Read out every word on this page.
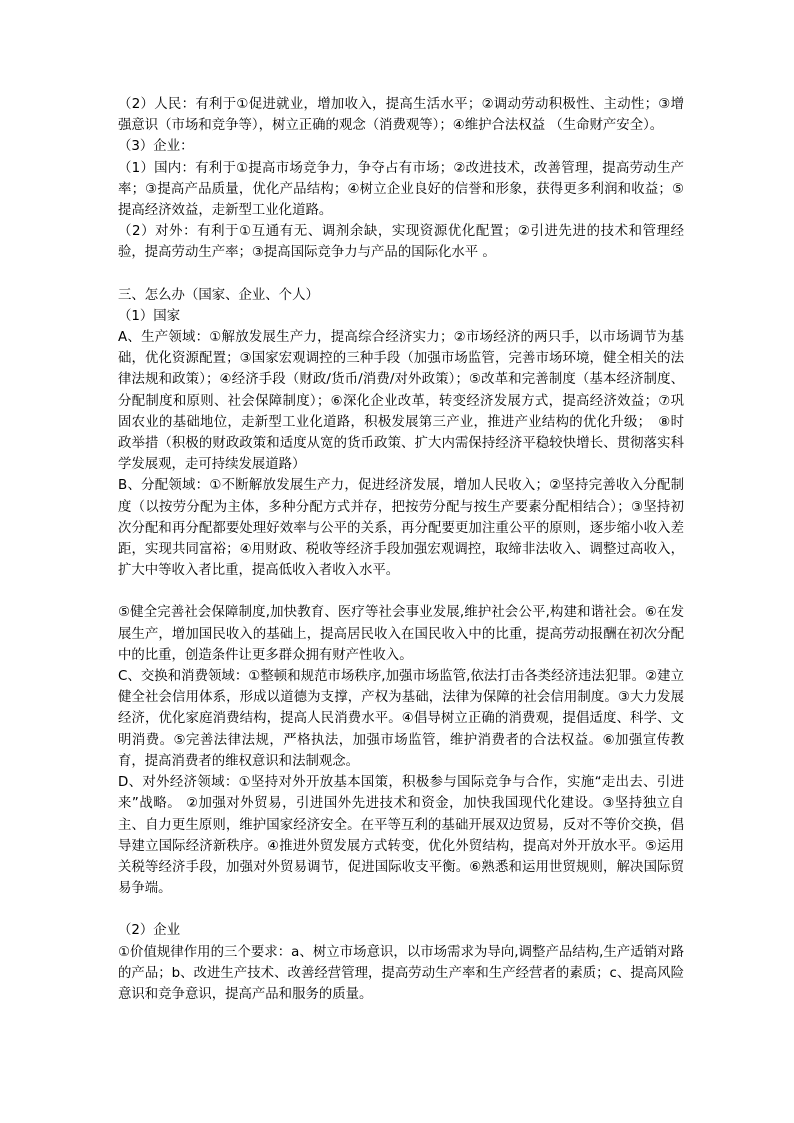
（2）人民：有利于①促进就业，增加收入，提高生活水平；②调动劳动积极性、主动性；③增强意识（市场和竞争等），树立正确的观念（消费观等）；④维护合法权益 （生命财产安全）。

（3）企业：

（1）国内：有利于①提高市场竞争力，争夺占有市场；②改进技术，改善管理，提高劳动生产率；③提高产品质量，优化产品结构；④树立企业良好的信誉和形象，获得更多利润和收益；⑤提高经济效益，走新型工业化道路。

（2）对外：有利于①互通有无、调剂余缺，实现资源优化配置；②引进先进的技术和管理经验，提高劳动生产率；③提高国际竞争力与产品的国际化水平 。

三、怎么办（国家、企业、个人）

（1）国家

A、生产领域：①解放发展生产力，提高综合经济实力；②市场经济的两只手，以市场调节为基础，优化资源配置；③国家宏观调控的三种手段（加强市场监管，完善市场环境，健全相关的法律法规和政策）；④经济手段（财政/货币/消费/对外政策）；⑤改革和完善制度（基本经济制度、分配制度和原则、社会保障制度）；⑥深化企业改革，转变经济发展方式，提高经济效益；⑦巩固农业的基础地位，走新型工业化道路，积极发展第三产业，推进产业结构的优化升级；　⑧时政举措（积极的财政政策和适度从宽的货币政策、扩大内需保持经济平稳较快增长、贯彻落实科学发展观，走可持续发展道路）

B、分配领域：①不断解放发展生产力，促进经济发展，增加人民收入；②坚持完善收入分配制度（以按劳分配为主体，多种分配方式并存，把按劳分配与按生产要素分配相结合）；③坚持初次分配和再分配都要处理好效率与公平的关系，再分配要更加注重公平的原则，逐步缩小收入差距，实现共同富裕；④用财政、税收等经济手段加强宏观调控，取缔非法收入、调整过高收入，扩大中等收入者比重，提高低收入者收入水平。

⑤健全完善社会保障制度,加快教育、医疗等社会事业发展,维护社会公平,构建和谐社会。⑥在发展生产，增加国民收入的基础上，提高居民收入在国民收入中的比重，提高劳动报酬在初次分配中的比重，创造条件让更多群众拥有财产性收入。

C、交换和消费领域：①整顿和规范市场秩序,加强市场监管,依法打击各类经济违法犯罪。②建立健全社会信用体系，形成以道德为支撑，产权为基础，法律为保障的社会信用制度。③大力发展经济，优化家庭消费结构，提高人民消费水平。④倡导树立正确的消费观，提倡适度、科学、文明消费。⑤完善法律法规，严格执法，加强市场监管，维护消费者的合法权益。⑥加强宣传教育，提高消费者的维权意识和法制观念。

D、对外经济领域：①坚持对外开放基本国策，积极参与国际竞争与合作，实施“走出去、引进来”战略。 ②加强对外贸易，引进国外先进技术和资金，加快我国现代化建设。③坚持独立自主、自力更生原则，维护国家经济安全。在平等互利的基础开展双边贸易，反对不等价交换，倡导建立国际经济新秩序。④推进外贸发展方式转变，优化外贸结构，提高对外开放水平。⑤运用关税等经济手段，加强对外贸易调节，促进国际收支平衡。⑥熟悉和运用世贸规则，解决国际贸易争端。

（2）企业

①价值规律作用的三个要求：a、树立市场意识，以市场需求为导向,调整产品结构,生产适销对路的产品；b、改进生产技术、改善经营管理，提高劳动生产率和生产经营者的素质；c、提高风险意识和竞争意识，提高产品和服务的质量。
